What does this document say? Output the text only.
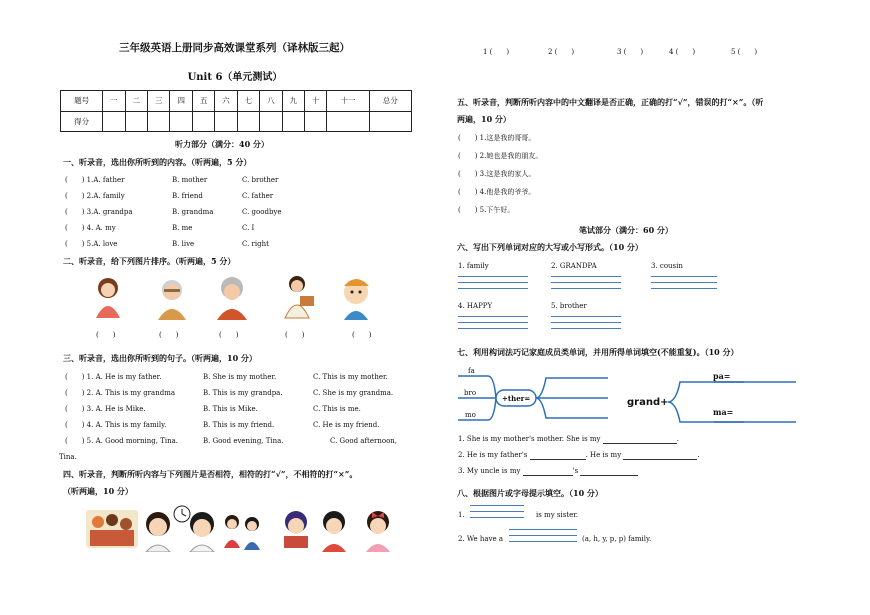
三年级英语上册同步高效课堂系列（译林版三起）
Unit 6（单元测试）
题号	一	二	三	四	五	六	七	八	九	十	十一	总分
得分												
听力部分（满分：40 分）
一、听录音，选出你所听到的内容。（听两遍，5 分）
(　　) 1.A. father	B. mother	C. brother
(　　) 2.A. family	B. friend	C. father
(　　) 3.A. grandpa	B. grandma	C. goodbye
(　　) 4. A. my	B. me	C. I
(　　) 5.A. love	B. live	C. right
二、听录音，给下列图片排序。（听两遍，5 分）
(　　)	(　　)	(　　)	(　　)	(　　)
三、听录音，选出你所听到的句子。（听两遍，10 分）
(　　) 1. A. He is my father.	B. She is my mother.	C. This is my mother.
(　　) 2. A. This is my grandma	B. This is my grandpa.	C. She is my grandma.
(　　) 3. A. He is Mike.	B. This is Mike.	C. This is me.
(　　) 4. A. This is my family.	B. This is my friend.	C. He is my friend.
(　　) 5. A. Good morning, Tina.	B. Good evening, Tina.	C. Good afternoon,
Tina.
四、听录音，判断所听内容与下列图片是否相符，相符的打“√”，不相符的打“×”。
（听两遍，10 分）
1 (　　)	2 (　　)	3 (　　)	4 (　　)	5 (　　)
五、听录音，判断所听内容中的中文翻译是否正确，正确的打“√”，错误的打“×”。（听
两遍，10 分）
(　　) 1.这是我的哥哥。
(　　) 2.她也是我的朋友。
(　　) 3.这是我的家人。
(　　) 4.他是我的爷爷。
(　　) 5.下午好。
笔试部分（满分：60 分）
六、写出下列单词对应的大写或小写形式。（10 分）
1. family	2. GRANDPA	3. cousin
4. HAPPY	5. brother
七、利用构词法巧记家庭成员类单词，并用所得单词填空(不能重复)。（10 分）
fa
bro
mo
+ther=	grand+
pa=
ma=
1. She is my mother's mother. She is my	.
2. He is my father's	. He is my	.
3. My uncle is my	's
八、根据图片或字母提示填空。（10 分）
1.	is my sister.
2. We have a	(a, h, y, p, p) family.
